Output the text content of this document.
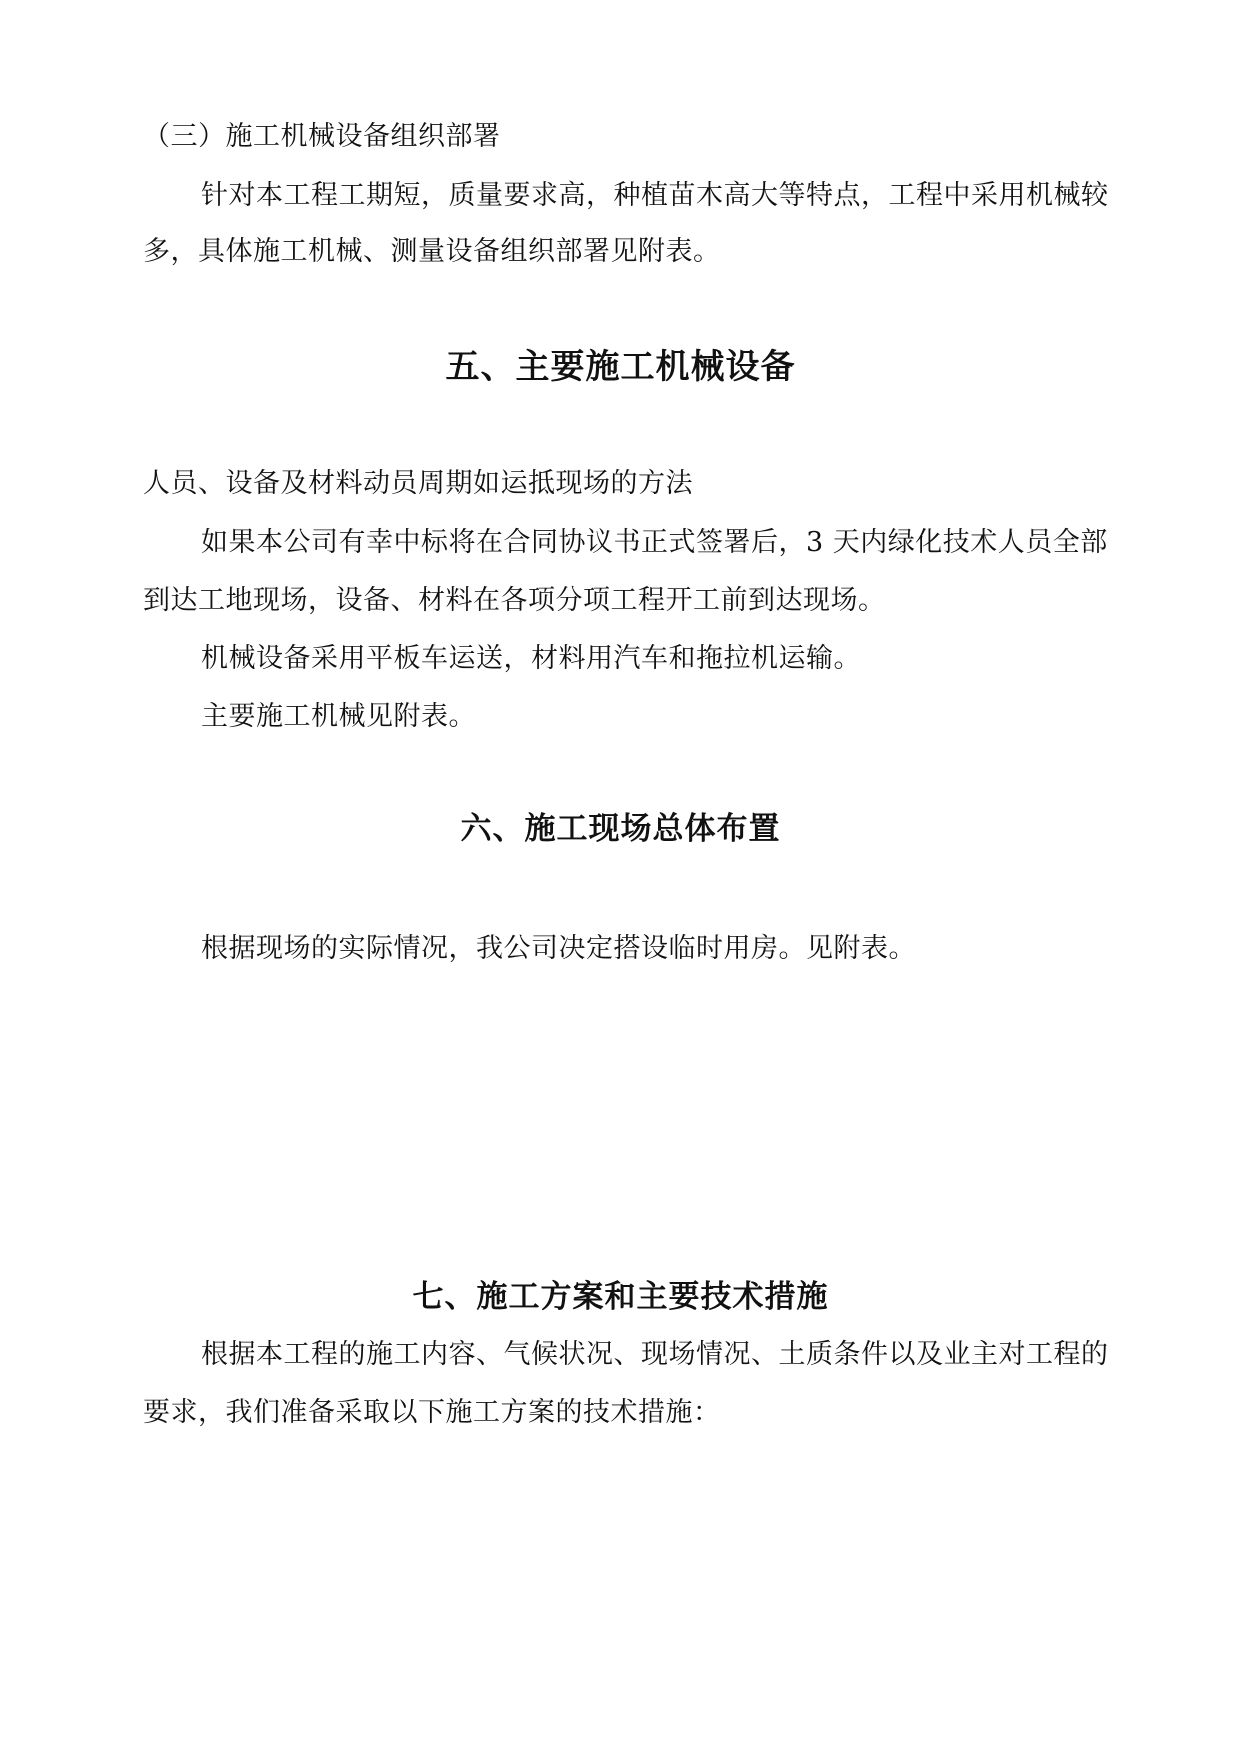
（三）施工机械设备组织部署
针对本工程工期短，质量要求高，种植苗木高大等特点，工程中采用机械较
多，具体施工机械、测量设备组织部署见附表。
五、主要施工机械设备
人员、设备及材料动员周期如运抵现场的方法
如果本公司有幸中标将在合同协议书正式签署后，3 天内绿化技术人员全部
到达工地现场，设备、材料在各项分项工程开工前到达现场。
机械设备采用平板车运送，材料用汽车和拖拉机运输。
主要施工机械见附表。
六、施工现场总体布置
根据现场的实际情况，我公司决定搭设临时用房。见附表。
七、施工方案和主要技术措施
根据本工程的施工内容、气候状况、现场情况、土质条件以及业主对工程的
要求，我们准备采取以下施工方案的技术措施：
